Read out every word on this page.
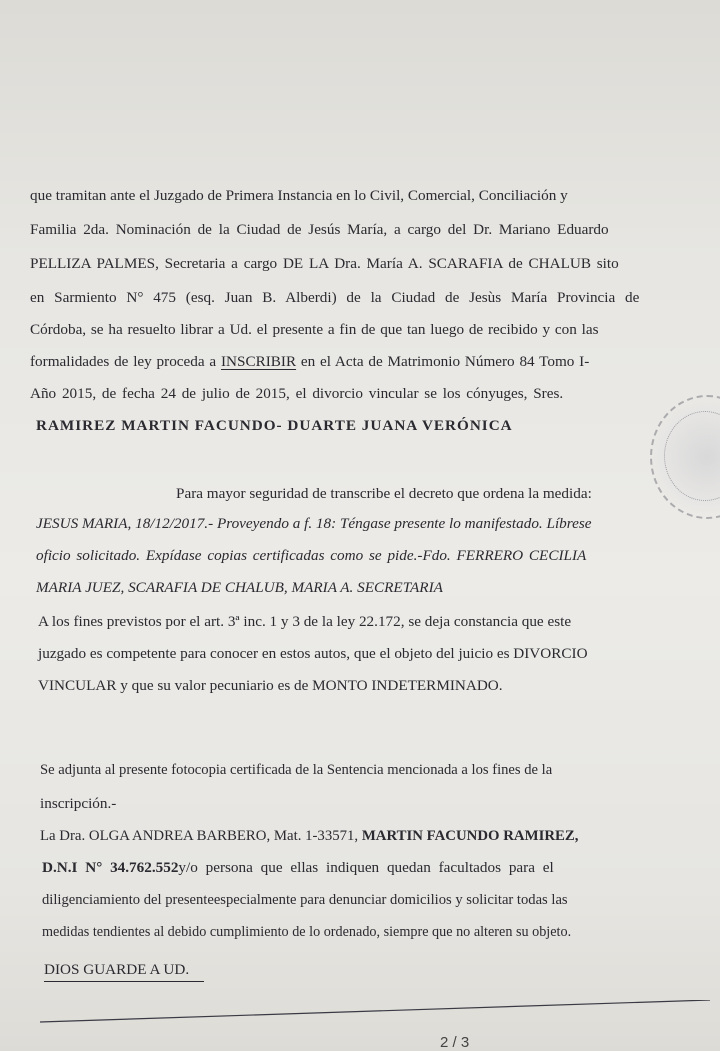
que tramitan ante el Juzgado de Primera Instancia en lo Civil, Comercial, Conciliación y
Familia 2da. Nominación de la Ciudad de Jesús María, a cargo del Dr. Mariano Eduardo
PELLIZA PALMES, Secretaria a cargo DE LA Dra. María A. SCARAFIA de CHALUB sito
en Sarmiento N° 475 (esq. Juan B. Alberdi) de la Ciudad de Jesùs María Provincia de
Córdoba, se ha resuelto librar a Ud. el presente a fin de que tan luego de recibido y con las
formalidades de ley proceda a INSCRIBIR en el Acta de Matrimonio Número 84 Tomo I-
Año 2015, de fecha 24 de julio de 2015, el divorcio vincular se los cónyuges, Sres.
RAMIREZ MARTIN FACUNDO- DUARTE JUANA VERÓNICA
Para mayor seguridad de transcribe el decreto que ordena la medida:
JESUS MARIA, 18/12/2017.- Proveyendo a f. 18: Téngase presente lo manifestado. Líbrese
oficio solicitado. Expídase copias certificadas como se pide.-Fdo. FERRERO CECILIA
MARIA JUEZ, SCARAFIA DE CHALUB, MARIA A. SECRETARIA
A los fines previstos por el art. 3ª inc. 1 y 3 de la ley 22.172, se deja constancia que este
juzgado es competente para conocer en estos autos, que el objeto del juicio es DIVORCIO
VINCULAR y que su valor pecuniario es de MONTO INDETERMINADO.
Se adjunta al presente fotocopia certificada de la Sentencia mencionada a los fines de la
inscripción.-
La Dra. OLGA ANDREA BARBERO, Mat. 1-33571, MARTIN FACUNDO RAMIREZ,
D.N.I N° 34.762.552y/o persona que ellas indiquen quedan facultados para el
diligenciamiento del presenteespecialmente para denunciar domicilios y solicitar todas las
medidas tendientes al debido cumplimiento de lo ordenado, siempre que no alteren su objeto.
DIOS GUARDE A UD.
2 / 3
